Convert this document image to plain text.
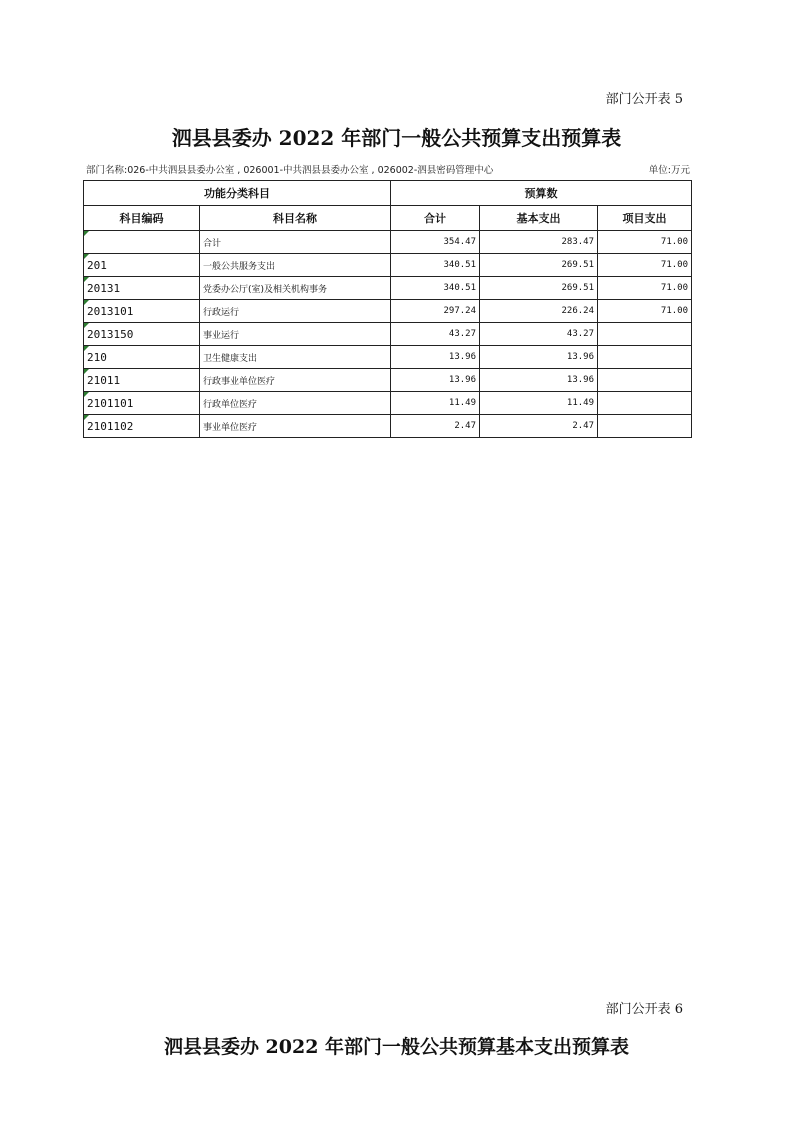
部门公开表 5
泗县县委办 2022 年部门一般公共预算支出预算表
部门名称:026-中共泗县县委办公室 , 026001-中共泗县县委办公室 , 026002-泗县密码管理中心	单位:万元
功能分类科目		预算数		
科目编码	科目名称	合计	基本支出	项目支出
	合计	354.47	283.47	71.00
201	一般公共服务支出	340.51	269.51	71.00
20131	党委办公厅(室)及相关机构事务	340.51	269.51	71.00
2013101	行政运行	297.24	226.24	71.00
2013150	事业运行	43.27	43.27	
210	卫生健康支出	13.96	13.96	
21011	行政事业单位医疗	13.96	13.96	
2101101	行政单位医疗	11.49	11.49	
2101102	事业单位医疗	2.47	2.47	
部门公开表 6
泗县县委办 2022 年部门一般公共预算基本支出预算表
